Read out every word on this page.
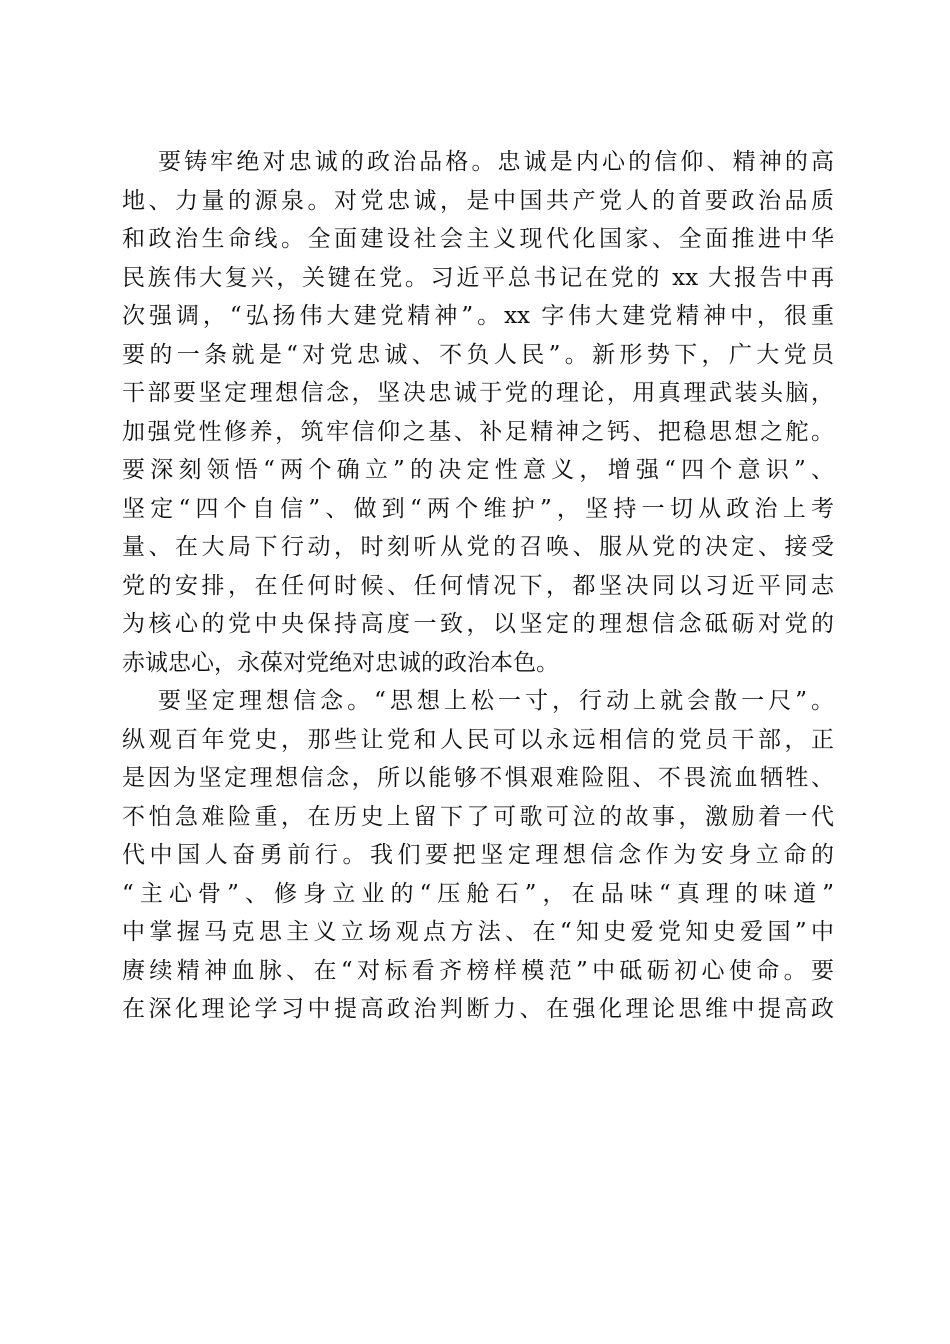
要铸牢绝对忠诚的政治品格。忠诚是内心的信仰、精神的高
地、力量的源泉。对党忠诚，是中国共产党人的首要政治品质
和政治生命线。全面建设社会主义现代化国家、全面推进中华
民族伟大复兴，关键在党。习近平总书记在党的 xx 大报告中再
次强调，“弘扬伟大建党精神”。xx 字伟大建党精神中，很重
要的一条就是“对党忠诚、不负人民”。新形势下，广大党员
干部要坚定理想信念，坚决忠诚于党的理论，用真理武装头脑，
加强党性修养，筑牢信仰之基、补足精神之钙、把稳思想之舵。
要深刻领悟“两个确立”的决定性意义，增强“四个意识”、
坚定“四个自信”、做到“两个维护”，坚持一切从政治上考
量、在大局下行动，时刻听从党的召唤、服从党的决定、接受
党的安排，在任何时候、任何情况下，都坚决同以习近平同志
为核心的党中央保持高度一致，以坚定的理想信念砥砺对党的
赤诚忠心，永葆对党绝对忠诚的政治本色。
要坚定理想信念。“思想上松一寸，行动上就会散一尺”。
纵观百年党史，那些让党和人民可以永远相信的党员干部，正
是因为坚定理想信念，所以能够不惧艰难险阻、不畏流血牺牲、
不怕急难险重，在历史上留下了可歌可泣的故事，激励着一代
代中国人奋勇前行。我们要把坚定理想信念作为安身立命的
“主心骨”、修身立业的“压舱石”，在品味“真理的味道”
中掌握马克思主义立场观点方法、在“知史爱党知史爱国”中
赓续精神血脉、在“对标看齐榜样模范”中砥砺初心使命。要
在深化理论学习中提高政治判断力、在强化理论思维中提高政
